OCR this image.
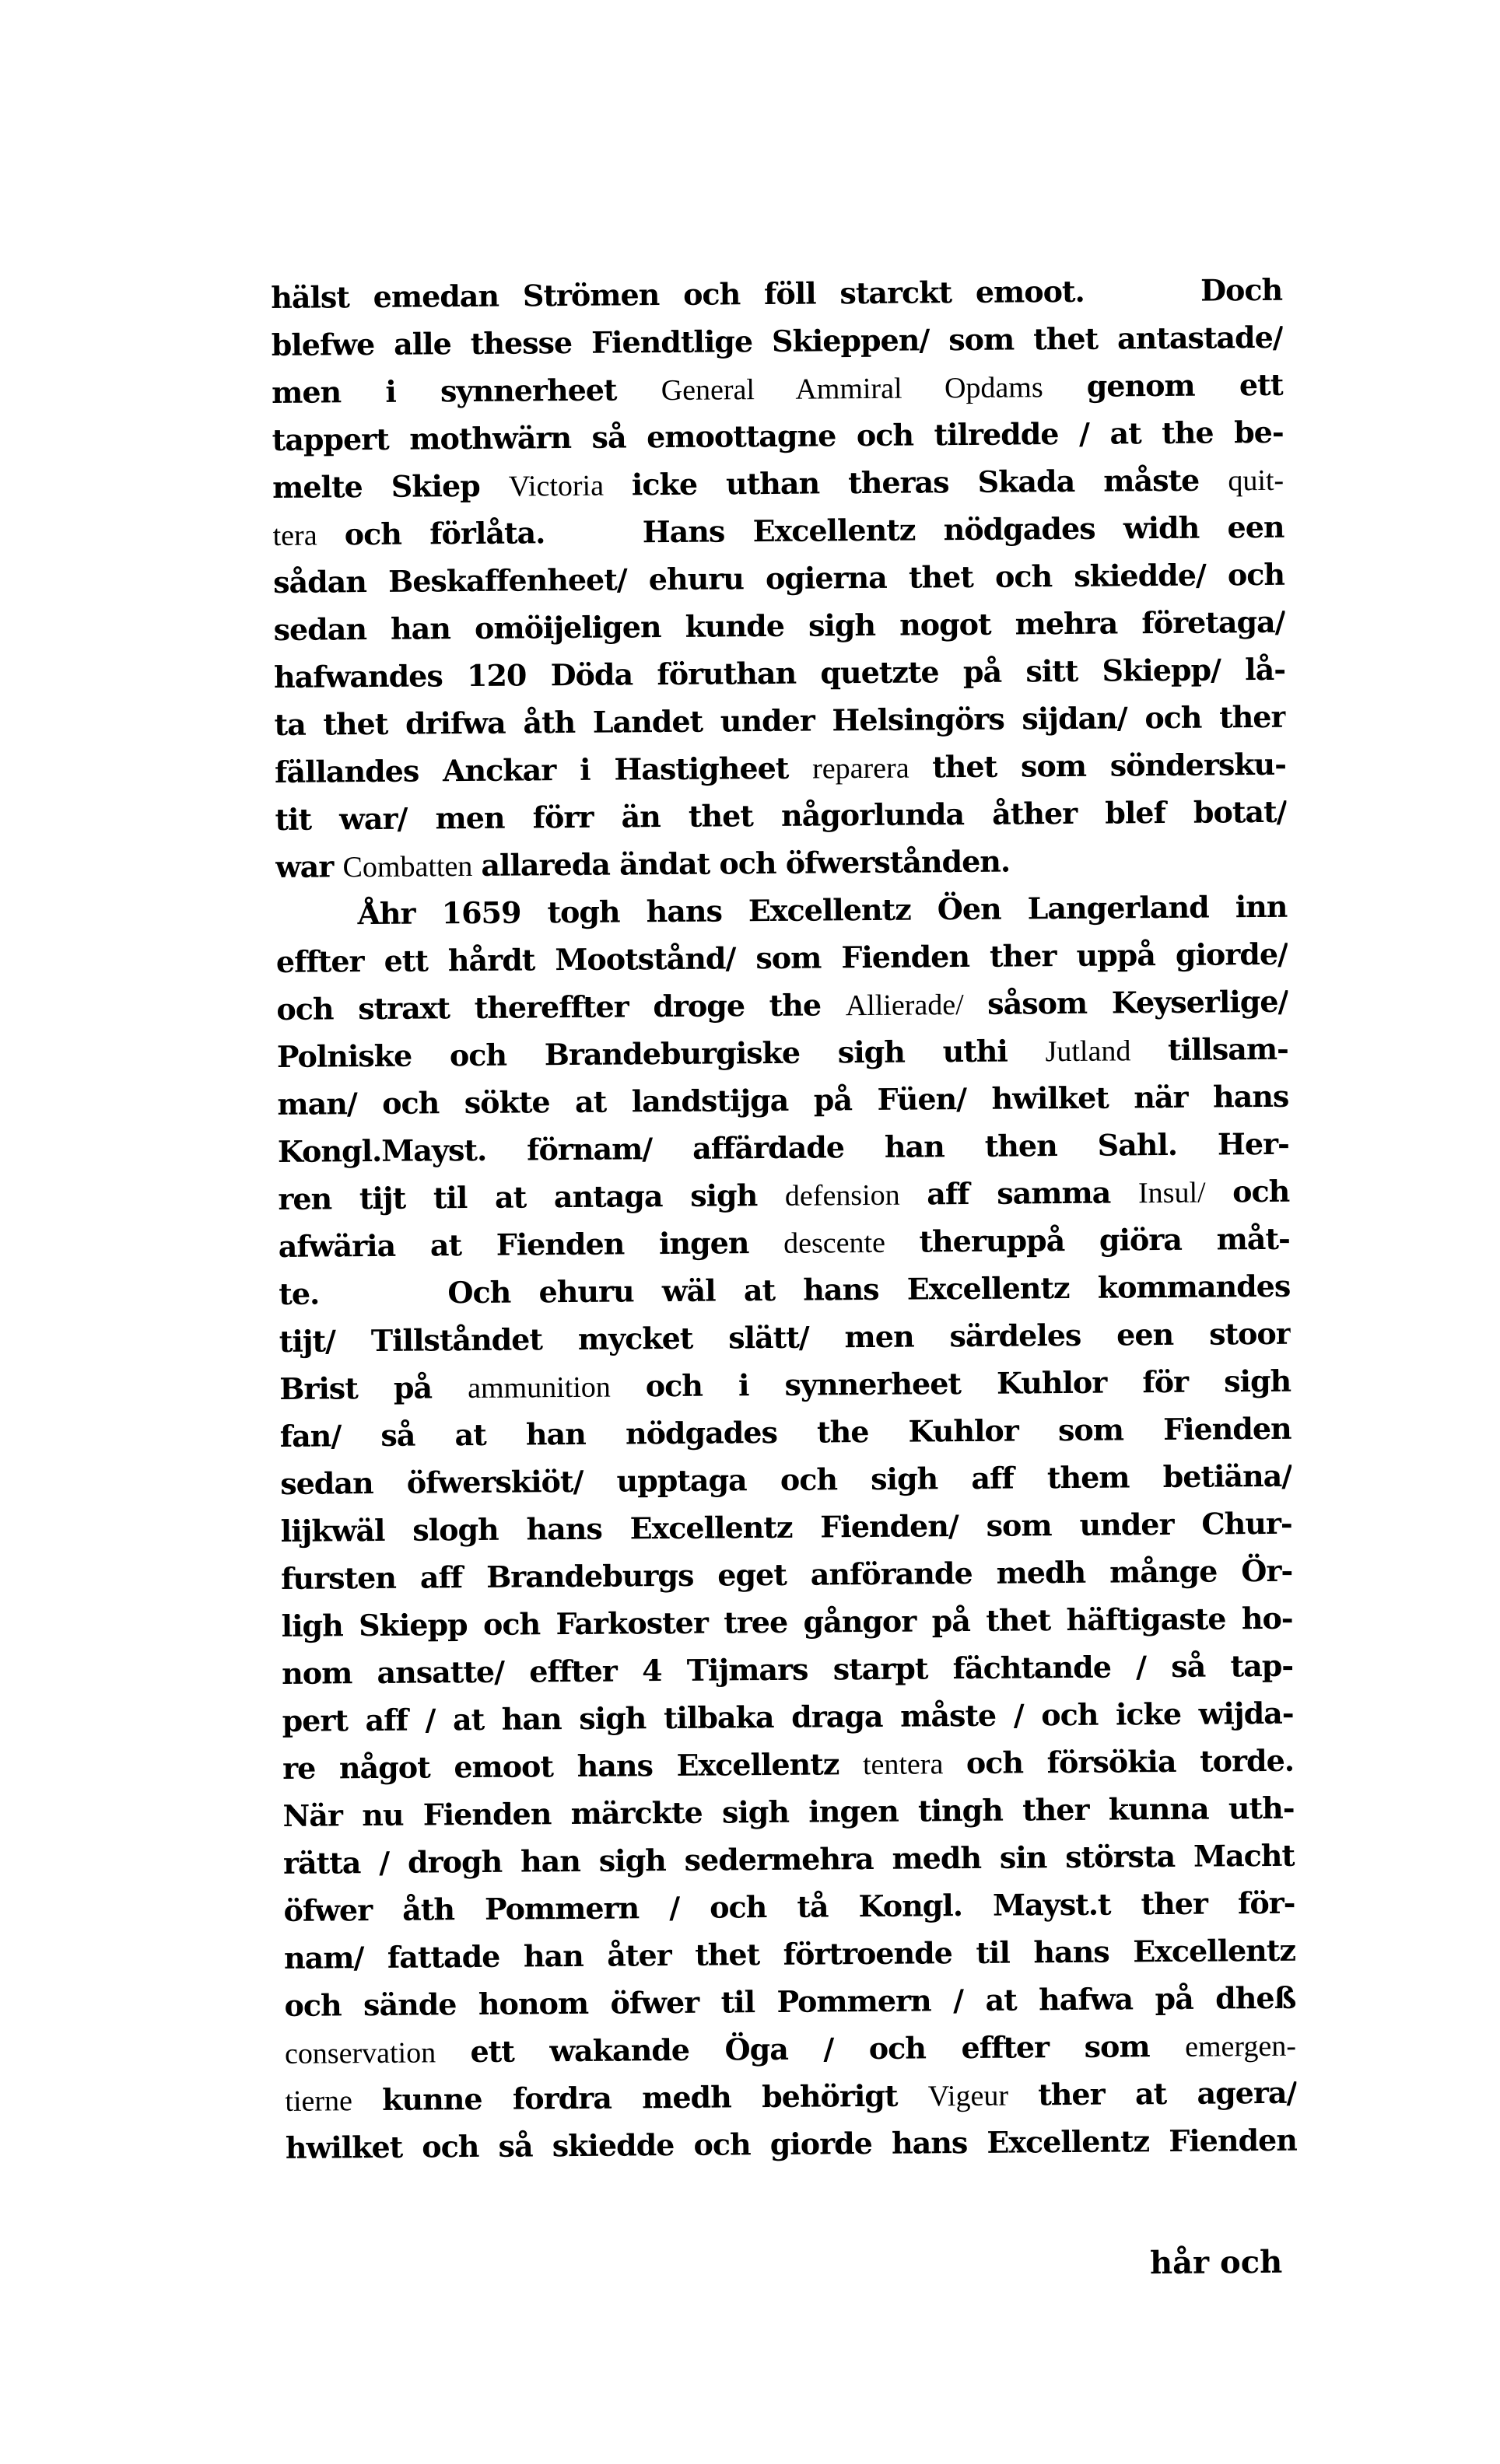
hälst emedan Strömen och föll starckt emoot.	Doch
blefwe alle thesse Fiendtlige Skieppen/ som thet antastade/
men i synnerheet General Ammiral Opdams genom ett
tappert mothwärn så emoottagne och tilredde / at the be-
melte Skiep Victoria icke uthan theras Skada måste quit-
tera och förlåta.	Hans Excellentz nödgades widh een
sådan Beskaffenheet/ ehuru ogierna thet och skiedde/ och
sedan han omöijeligen kunde sigh nogot mehra företaga/
hafwandes 120 Döda föruthan quetzte på sitt Skiepp/ lå-
ta thet drifwa åth Landet under Helsingörs sijdan/ och ther
fällandes Anckar i Hastigheet reparera thet som söndersku-
tit war/ men förr än thet någorlunda åther blef botat/
war Combatten allareda ändat och öfwerstånden.
Åhr 1659 togh hans Excellentz Öen Langerland inn
effter ett hårdt Mootstånd/ som Fienden ther uppå giorde/
och straxt thereffter droge the Allierade/ såsom Keyserlige/
Polniske och Brandeburgiske sigh uthi Jutland tillsam-
man/ och sökte at landstijga på Füen/ hwilket när hans
Kongl.Mayst. förnam/ affärdade han then Sahl. Her-
ren tijt til at antaga sigh defension aff samma Insul/ och
afwäria at Fienden ingen descente theruppå giöra måt-
te.	Och ehuru wäl at hans Excellentz kommandes
tijt/ Tillståndet mycket slätt/ men särdeles een stoor
Brist på ammunition och i synnerheet Kuhlor för sigh
fan/ så at han nödgades the Kuhlor som Fienden
sedan öfwerskiöt/ upptaga och sigh aff them betiäna/
lijkwäl slogh hans Excellentz Fienden/ som under Chur-
fursten aff Brandeburgs eget anförande medh månge Ör-
ligh Skiepp och Farkoster tree gångor på thet häftigaste ho-
nom ansatte/ effter 4 Tijmars starpt fächtande / så tap-
pert aff / at han sigh tilbaka draga måste / och icke wijda-
re något emoot hans Excellentz tentera och försökia torde.
När nu Fienden märckte sigh ingen tingh ther kunna uth-
rätta / drogh han sigh sedermehra medh sin största Macht
öfwer åth Pommern / och tå Kongl. Mayst.t ther för-
nam/ fattade han åter thet förtroende til hans Excellentz
och sände honom öfwer til Pommern / at hafwa på dheß
conservation ett wakande Öga / och effter som emergen-
tierne kunne fordra medh behörigt Vigeur ther at agera/
hwilket och så skiedde och giorde hans Excellentz Fienden
hår och
